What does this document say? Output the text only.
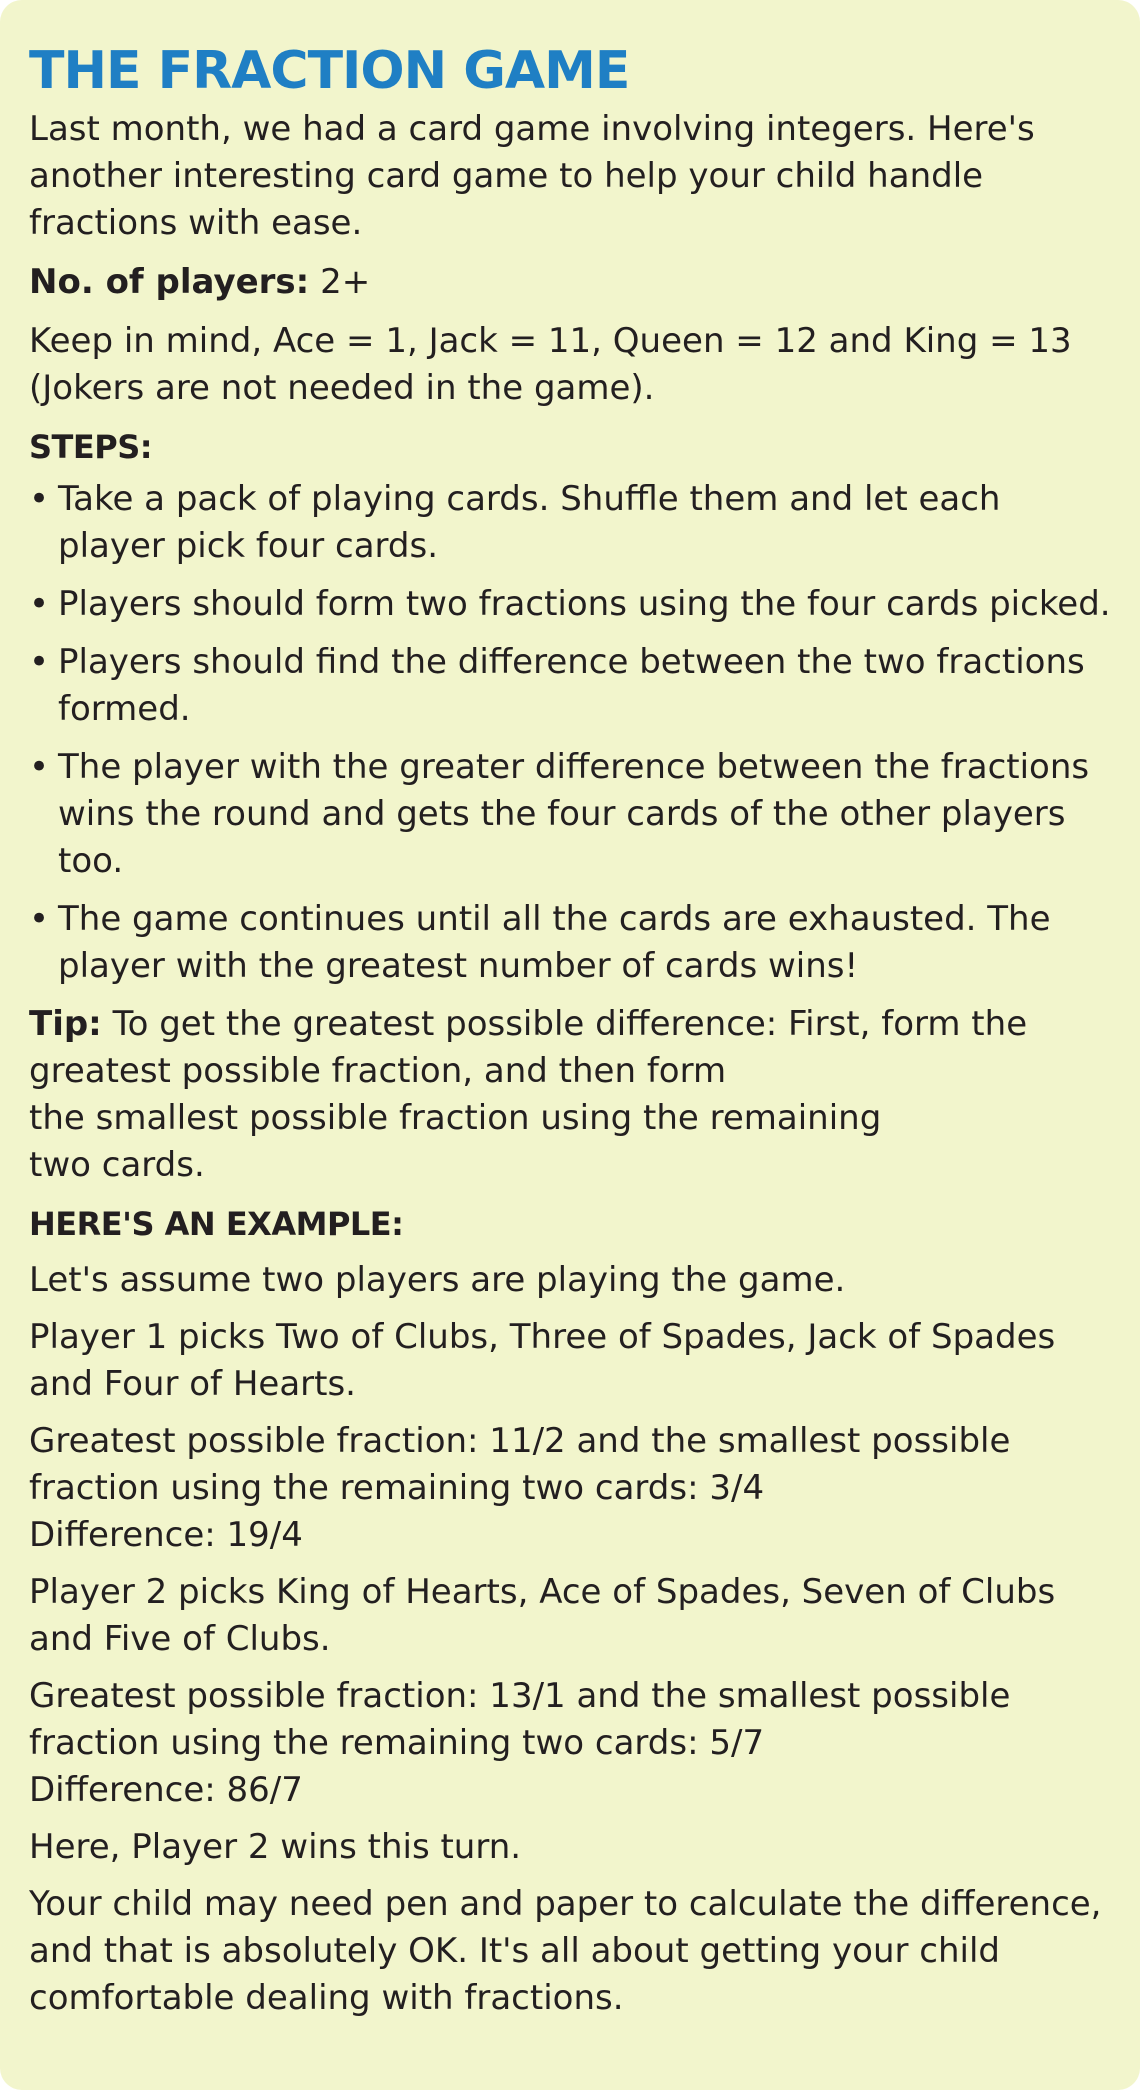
THE FRACTION GAME

Last month, we had a card game involving integers. Here's another interesting card game to help your child handle fractions with ease.

No. of players: 2+

Keep in mind, Ace = 1, Jack = 11, Queen = 12 and King = 13
(Jokers are not needed in the game).

STEPS:
• Take a pack of playing cards. Shuffle them and let each player pick four cards.
• Players should form two fractions using the four cards picked.
• Players should find the difference between the two fractions formed.
• The player with the greater difference between the fractions wins the round and gets the four cards of the other players too.
• The game continues until all the cards are exhausted. The player with the greatest number of cards wins!

Tip: To get the greatest possible difference: First, form the
greatest possible fraction, and then form
the smallest possible fraction using the remaining
two cards.

HERE'S AN EXAMPLE:

Let's assume two players are playing the game.

Player 1 picks Two of Clubs, Three of Spades, Jack of Spades and Four of Hearts.

Greatest possible fraction: 11/2 and the smallest possible fraction using the remaining two cards: 3/4

Difference: 19/4

Player 2 picks King of Hearts, Ace of Spades, Seven of Clubs and Five of Clubs.

Greatest possible fraction: 13/1 and the smallest possible fraction using the remaining two cards: 5/7

Difference: 86/7

Here, Player 2 wins this turn.

Your child may need pen and paper to calculate the difference, and that is absolutely OK. It's all about getting your child comfortable dealing with fractions.
